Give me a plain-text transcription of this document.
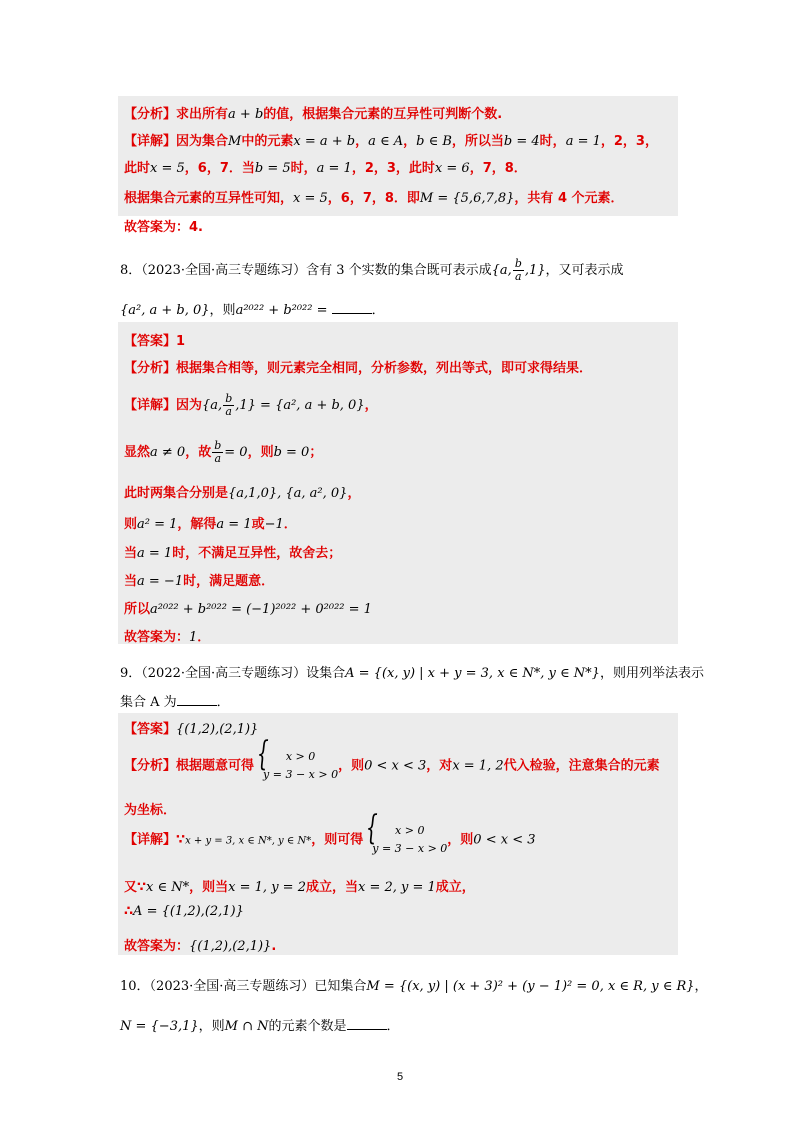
【分析】求出所有a + b的值，根据集合元素的互异性可判断个数.
【详解】因为集合M中的元素x = a + b，a ∈ A，b ∈ B，所以当b = 4时，a = 1，2，3，
此时x = 5，6，7．当b = 5时，a = 1，2，3，此时x = 6，7，8．
根据集合元素的互异性可知，x = 5，6，7，8．即M = {5,6,7,8}，共有 4 个元素．
故答案为：4.
8．（2023·全国·高三专题练习）含有 3 个实数的集合既可表示成{a, $\frac{b}{a} ,1$}，又可表示成
{a², a + b, 0}，则a²⁰²² + b²⁰²² =	．
【答案】1
【分析】根据集合相等，则元素完全相同，分析参数，列出等式，即可求得结果．
【详解】因为{a, $\frac{b}{a} ,1\} = \{a^2$, a + b, 0}，
显然a ≠ 0，故 $\frac{b}{a} = 0$，则b = 0；
此时两集合分别是{a,1,0}, {a, a², 0}，
则a² = 1，解得a = 1或−1．
当a = 1时，不满足互异性，故舍去；
当a = −1时，满足题意．
所以a²⁰²² + b²⁰²² = (−1)²⁰²² + 0²⁰²² = 1
故答案为：1．
9．（2022·全国·高三专题练习）设集合A = {(x, y) | x + y = 3, x ∈ N*, y ∈ N*}，则用列举法表示
集合 A 为	．
【答案】{(1,2),(2,1)}
【分析】根据题意可得
{ x > 0
y = 3 − x > 0
，则0 < x < 3，对x = 1, 2代入检验，注意集合的元素
为坐标．
【详解】∵x + y = 3, x ∈ N*, y ∈ N*，则可得
{ x > 0
y = 3 − x > 0
，则0 < x < 3
又∵x ∈ N*，则当x = 1, y = 2成立，当x = 2, y = 1成立，
∴A = {(1,2),(2,1)}
故答案为：{(1,2),(2,1)}.
10．（2023·全国·高三专题练习）已知集合M = {(x, y) | (x + 3)² + (y − 1)² = 0, x ∈ R, y ∈ R}，
N = {−3,1}，则M ∩ N的元素个数是	．
5
